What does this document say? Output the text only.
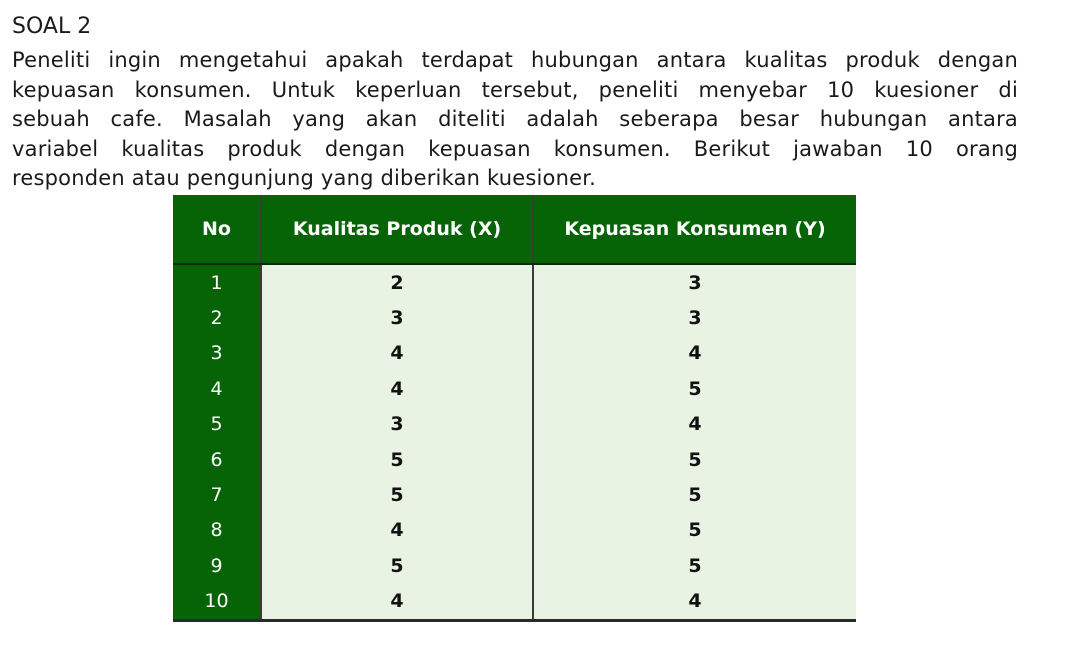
SOAL 2

Peneliti ingin mengetahui apakah terdapat hubungan antara kualitas produk dengan
kepuasan konsumen. Untuk keperluan tersebut, peneliti menyebar 10 kuesioner di
sebuah cafe. Masalah yang akan diteliti adalah seberapa besar hubungan antara
variabel kualitas produk dengan kepuasan konsumen. Berikut jawaban 10 orang
responden atau pengunjung yang diberikan kuesioner.

No	Kualitas Produk (X)	Kepuasan Konsumen (Y)
1	2	3
2	3	3
3	4	4
4	4	5
5	3	4
6	5	5
7	5	5
8	4	5
9	5	5
10	4	4
